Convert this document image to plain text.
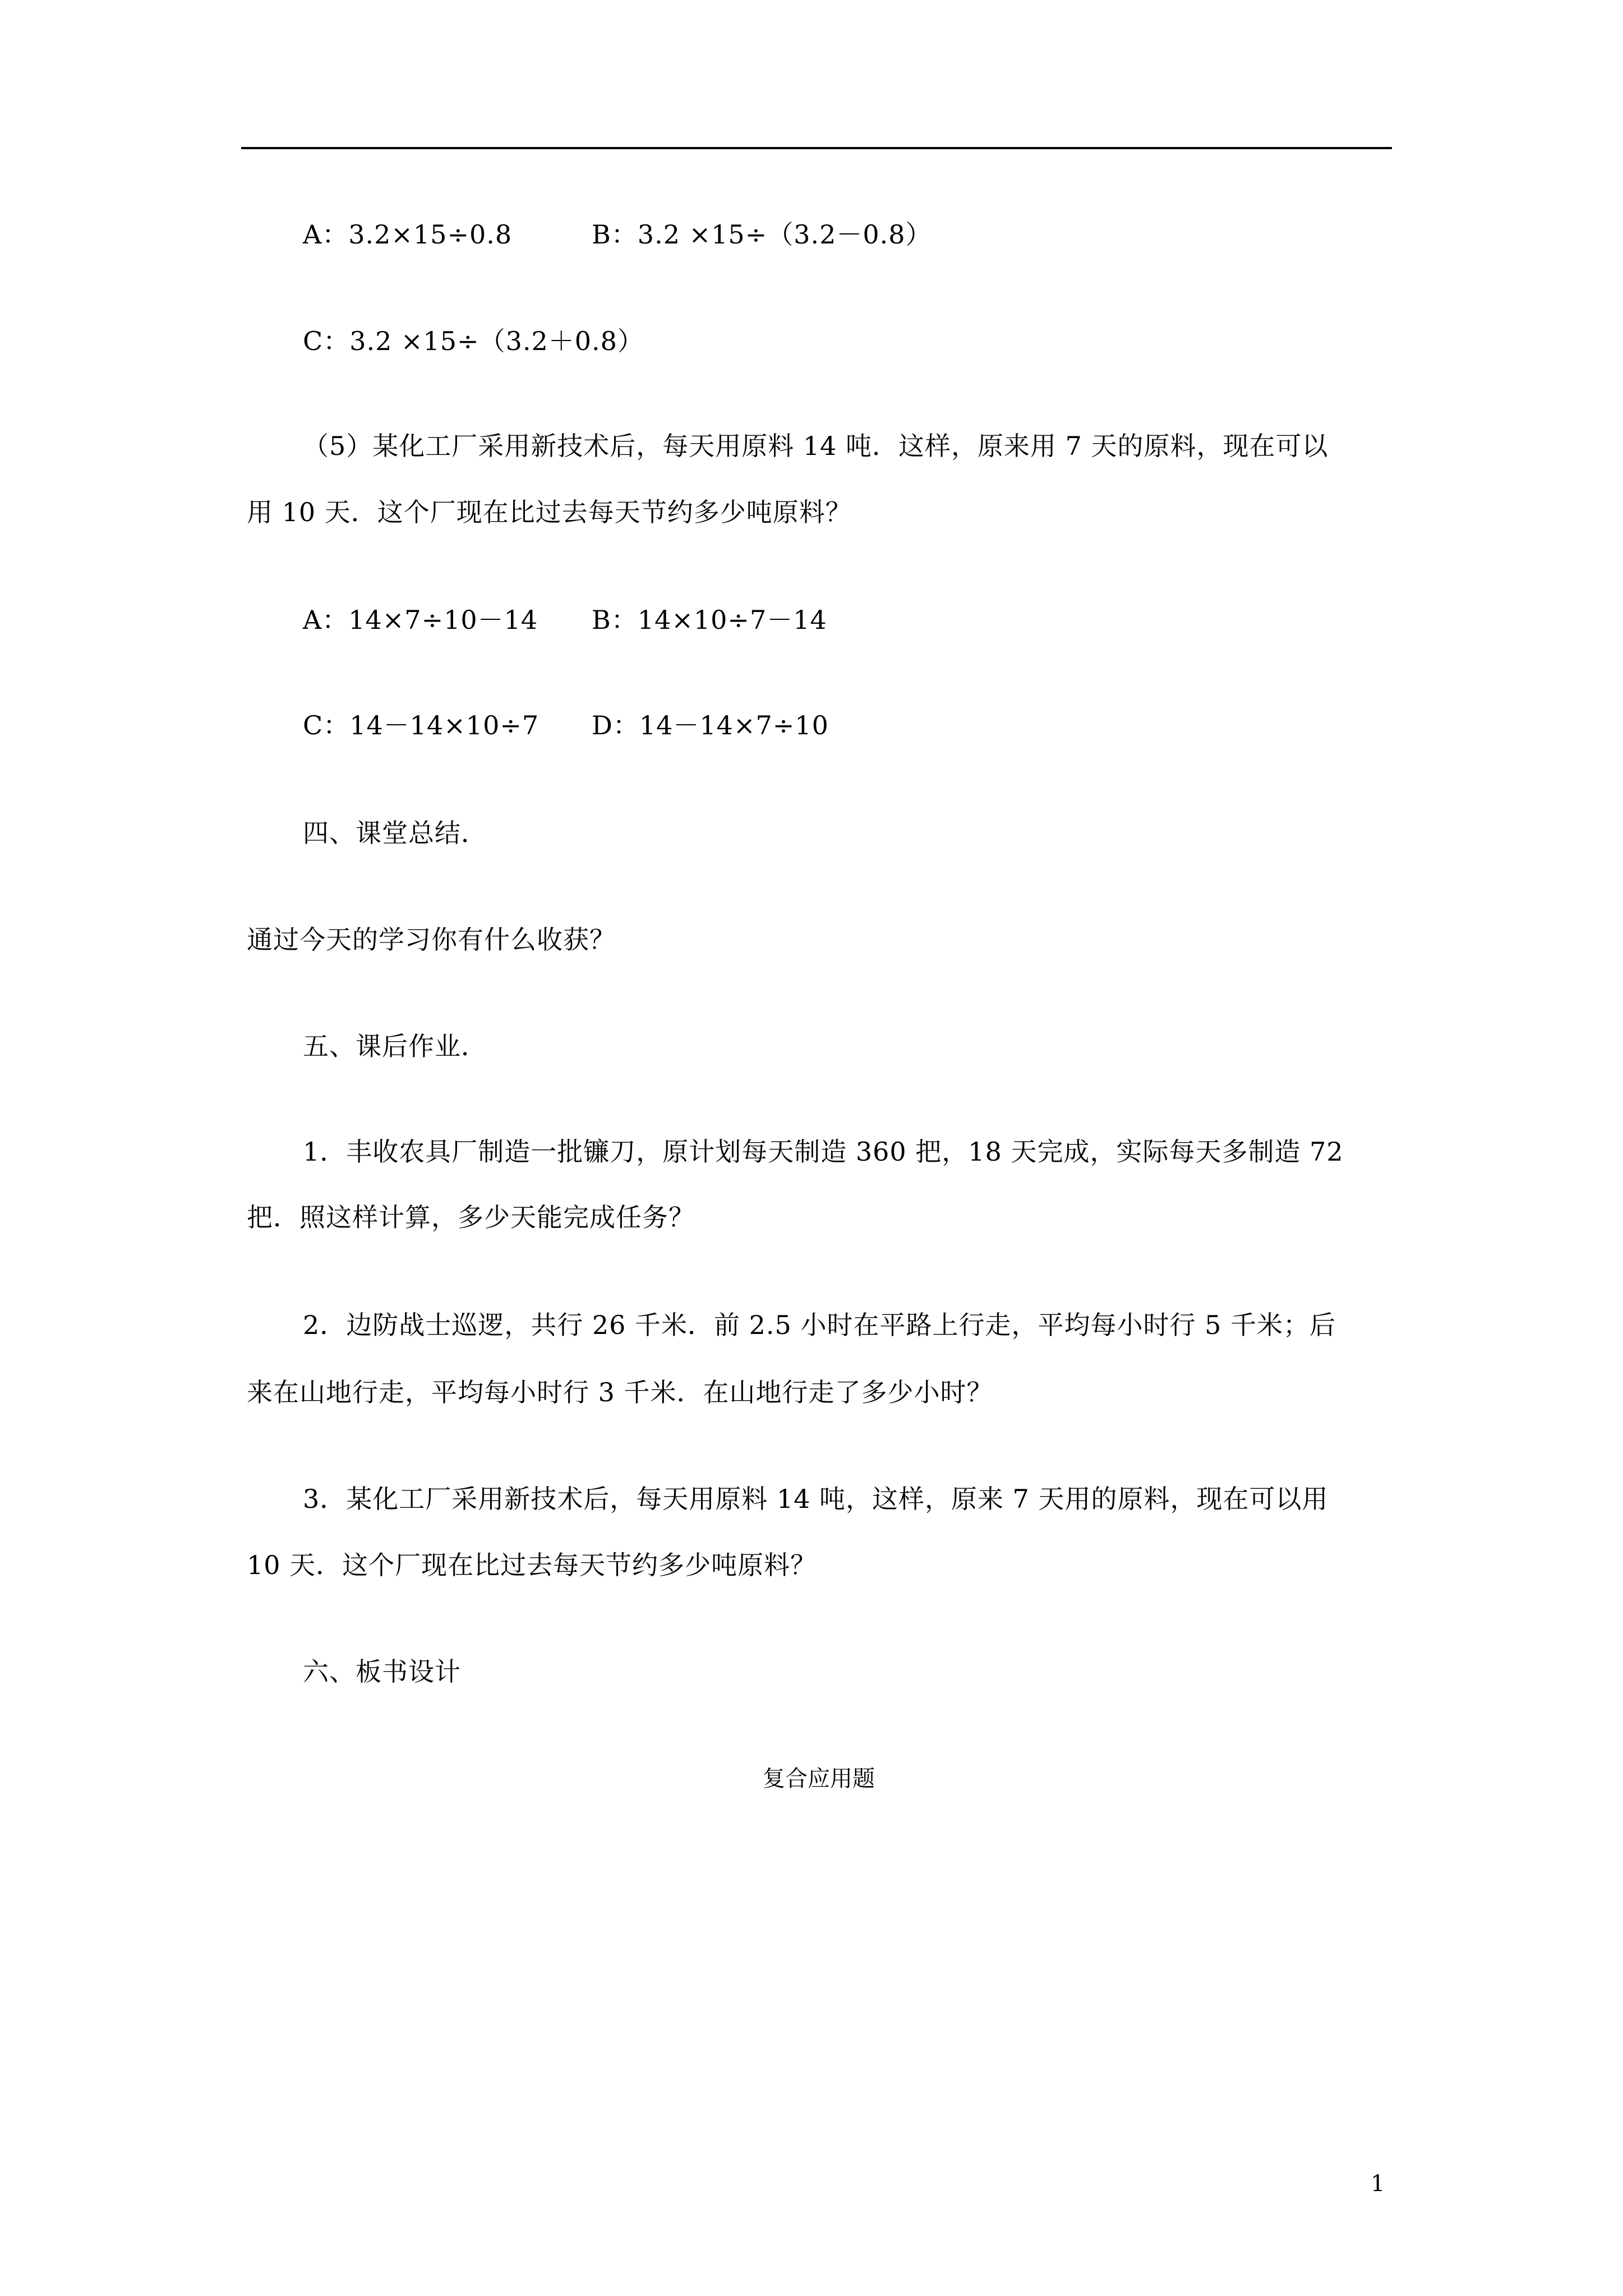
A：3.2×15÷0.8	B：3.2 ×15÷（3.2－0.8）
C：3.2 ×15÷（3.2＋0.8）
（5）某化工厂采用新技术后，每天用原料 14 吨．这样，原来用 7 天的原料，现在可以
用 10 天．这个厂现在比过去每天节约多少吨原料？
A：14×7÷10－14 B：14×10÷7－14
C：14－14×10÷7 D：14－14×7÷10
四、课堂总结．
通过今天的学习你有什么收获？
五、课后作业．
1．丰收农具厂制造一批镰刀，原计划每天制造 360 把，18 天完成，实际每天多制造 72
把．照这样计算，多少天能完成任务？
2．边防战士巡逻，共行 26 千米．前 2.5 小时在平路上行走，平均每小时行 5 千米；后
来在山地行走，平均每小时行 3 千米．在山地行走了多少小时？
3．某化工厂采用新技术后，每天用原料 14 吨，这样，原来 7 天用的原料，现在可以用
10 天．这个厂现在比过去每天节约多少吨原料？
六、板书设计
复合应用题
1
